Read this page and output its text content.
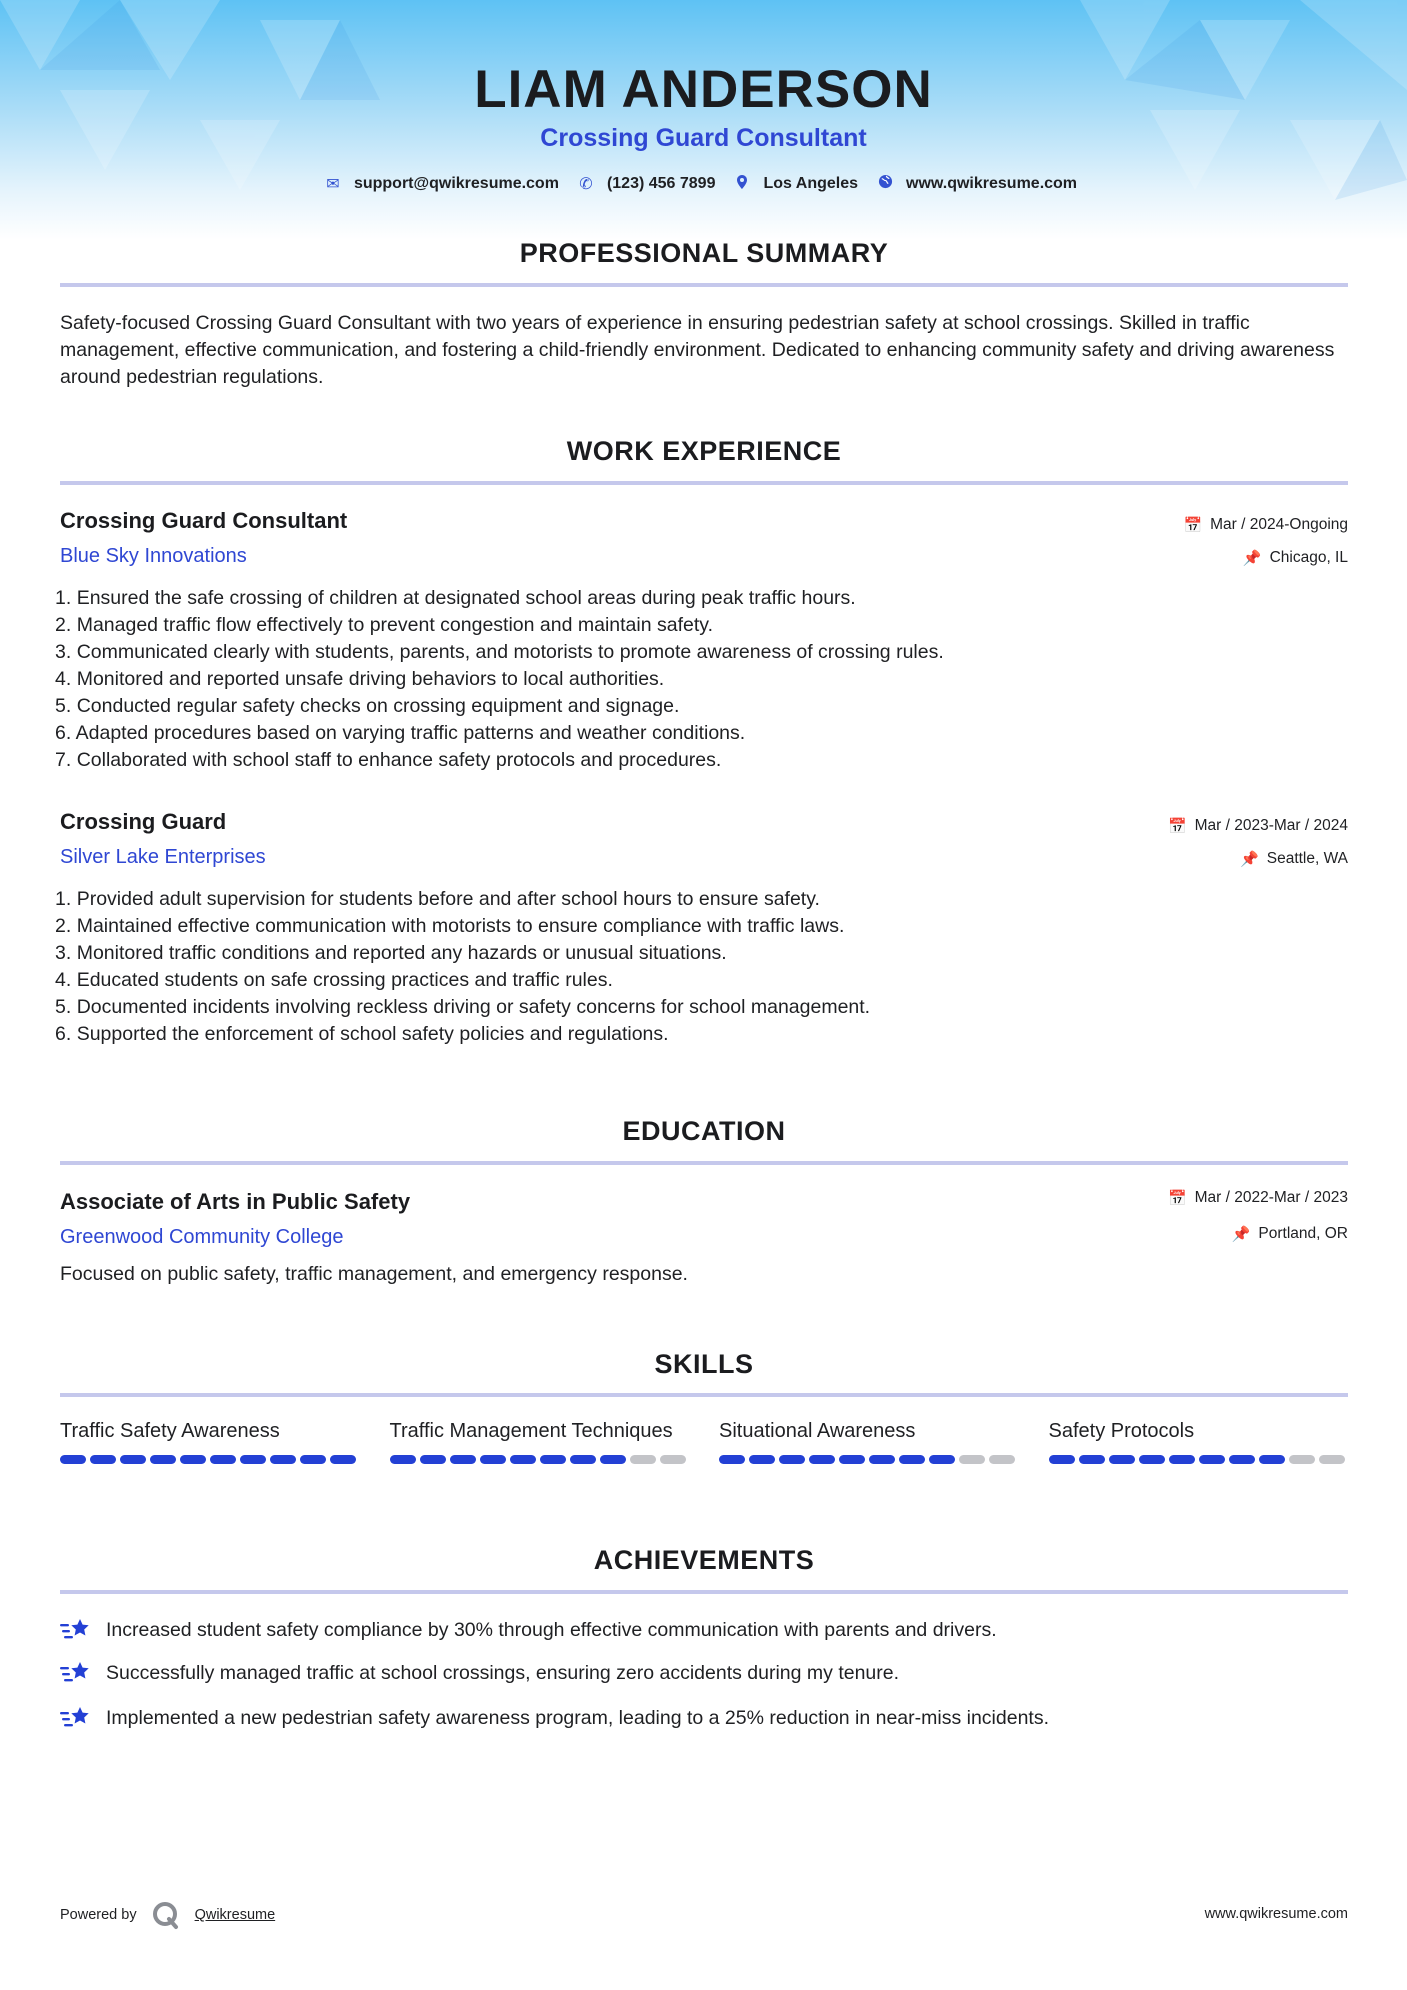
LIAM ANDERSON
Crossing Guard Consultant
✉ support@qwikresume.com ✆ (123) 456 7899	Los Angeles	www.qwikresume.com
PROFESSIONAL SUMMARY
Safety-focused Crossing Guard Consultant with two years of experience in ensuring pedestrian safety at school crossings. Skilled in traffic management, effective communication, and fostering a child-friendly environment. Dedicated to enhancing community safety and driving awareness around pedestrian regulations.
WORK EXPERIENCE
Crossing Guard Consultant	📅 Mar / 2024-Ongoing
Blue Sky Innovations	📌 Chicago, IL
Ensured the safe crossing of children at designated school areas during peak traffic hours.
Managed traffic flow effectively to prevent congestion and maintain safety.
Communicated clearly with students, parents, and motorists to promote awareness of crossing rules.
Monitored and reported unsafe driving behaviors to local authorities.
Conducted regular safety checks on crossing equipment and signage.
Adapted procedures based on varying traffic patterns and weather conditions.
Collaborated with school staff to enhance safety protocols and procedures.
Crossing Guard	📅 Mar / 2023-Mar / 2024
Silver Lake Enterprises	📌 Seattle, WA
Provided adult supervision for students before and after school hours to ensure safety.
Maintained effective communication with motorists to ensure compliance with traffic laws.
Monitored traffic conditions and reported any hazards or unusual situations.
Educated students on safe crossing practices and traffic rules.
Documented incidents involving reckless driving or safety concerns for school management.
Supported the enforcement of school safety policies and regulations.
EDUCATION
Associate of Arts in Public Safety	📅 Mar / 2022-Mar / 2023
Greenwood Community College	📌 Portland, OR
Focused on public safety, traffic management, and emergency response.
SKILLS
Traffic Safety Awareness	Traffic Management Techniques	Situational Awareness	Safety Protocols
ACHIEVEMENTS
Increased student safety compliance by 30% through effective communication with parents and drivers.
Successfully managed traffic at school crossings, ensuring zero accidents during my tenure.
Implemented a new pedestrian safety awareness program, leading to a 25% reduction in near-miss incidents.
Powered by	Qwikresume	www.qwikresume.com
